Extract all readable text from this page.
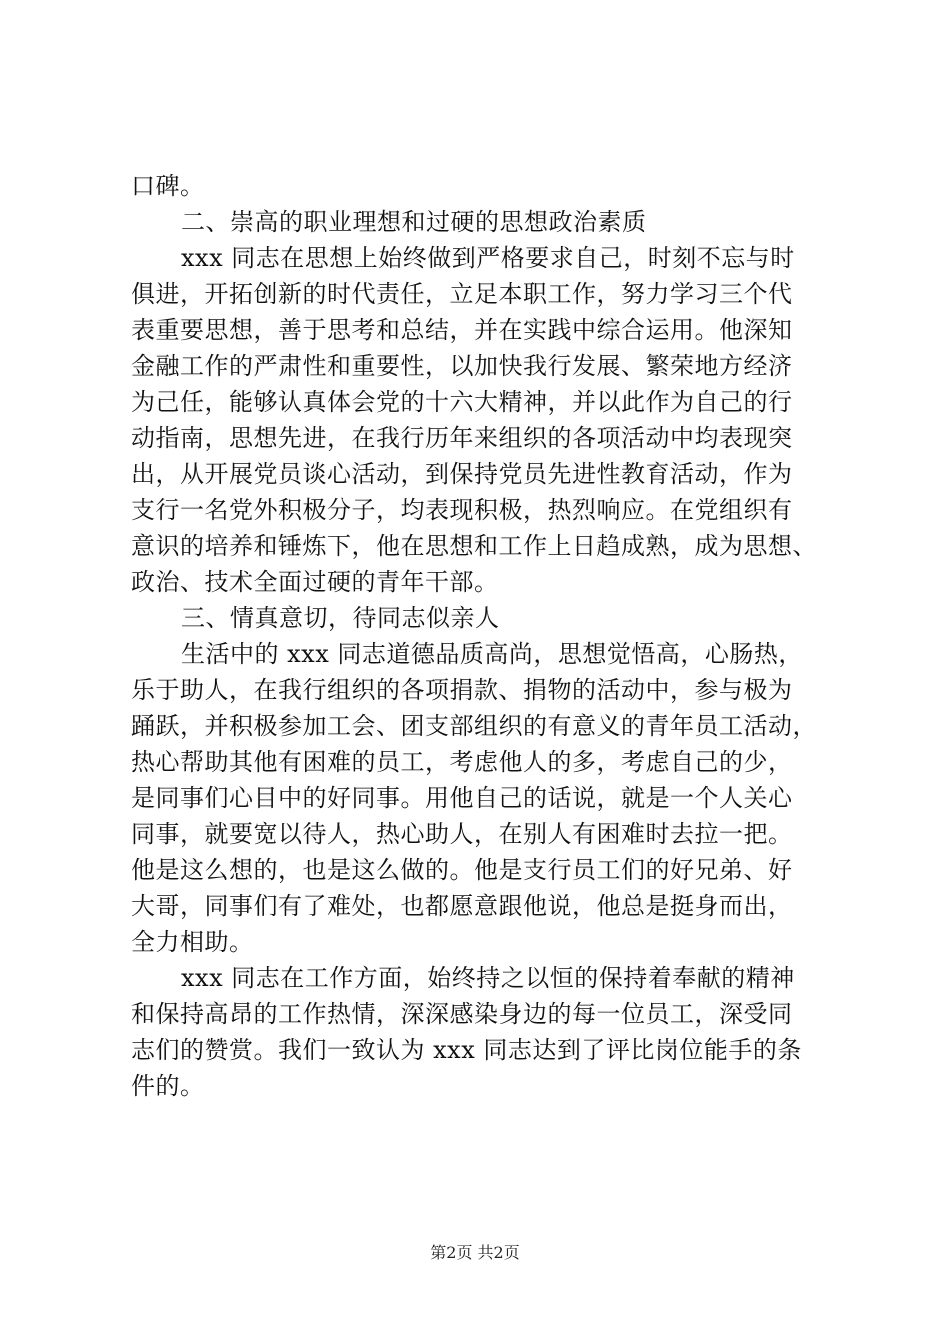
口碑。
二、崇高的职业理想和过硬的思想政治素质
xxx 同志在思想上始终做到严格要求自己，时刻不忘与时
俱进，开拓创新的时代责任，立足本职工作，努力学习三个代
表重要思想，善于思考和总结，并在实践中综合运用。他深知
金融工作的严肃性和重要性，以加快我行发展、繁荣地方经济
为己任，能够认真体会党的十六大精神，并以此作为自己的行
动指南，思想先进，在我行历年来组织的各项活动中均表现突
出，从开展党员谈心活动，到保持党员先进性教育活动，作为
支行一名党外积极分子，均表现积极，热烈响应。在党组织有
意识的培养和锤炼下，他在思想和工作上日趋成熟，成为思想、
政治、技术全面过硬的青年干部。
三、情真意切，待同志似亲人
生活中的 xxx 同志道德品质高尚，思想觉悟高，心肠热，
乐于助人，在我行组织的各项捐款、捐物的活动中，参与极为
踊跃，并积极参加工会、团支部组织的有意义的青年员工活动，
热心帮助其他有困难的员工，考虑他人的多，考虑自己的少，
是同事们心目中的好同事。用他自己的话说，就是一个人关心
同事，就要宽以待人，热心助人，在别人有困难时去拉一把。
他是这么想的，也是这么做的。他是支行员工们的好兄弟、好
大哥，同事们有了难处，也都愿意跟他说，他总是挺身而出，
全力相助。
xxx 同志在工作方面，始终持之以恒的保持着奉献的精神
和保持高昂的工作热情，深深感染身边的每一位员工，深受同
志们的赞赏。我们一致认为 xxx 同志达到了评比岗位能手的条
件的。
第2页 共2页
